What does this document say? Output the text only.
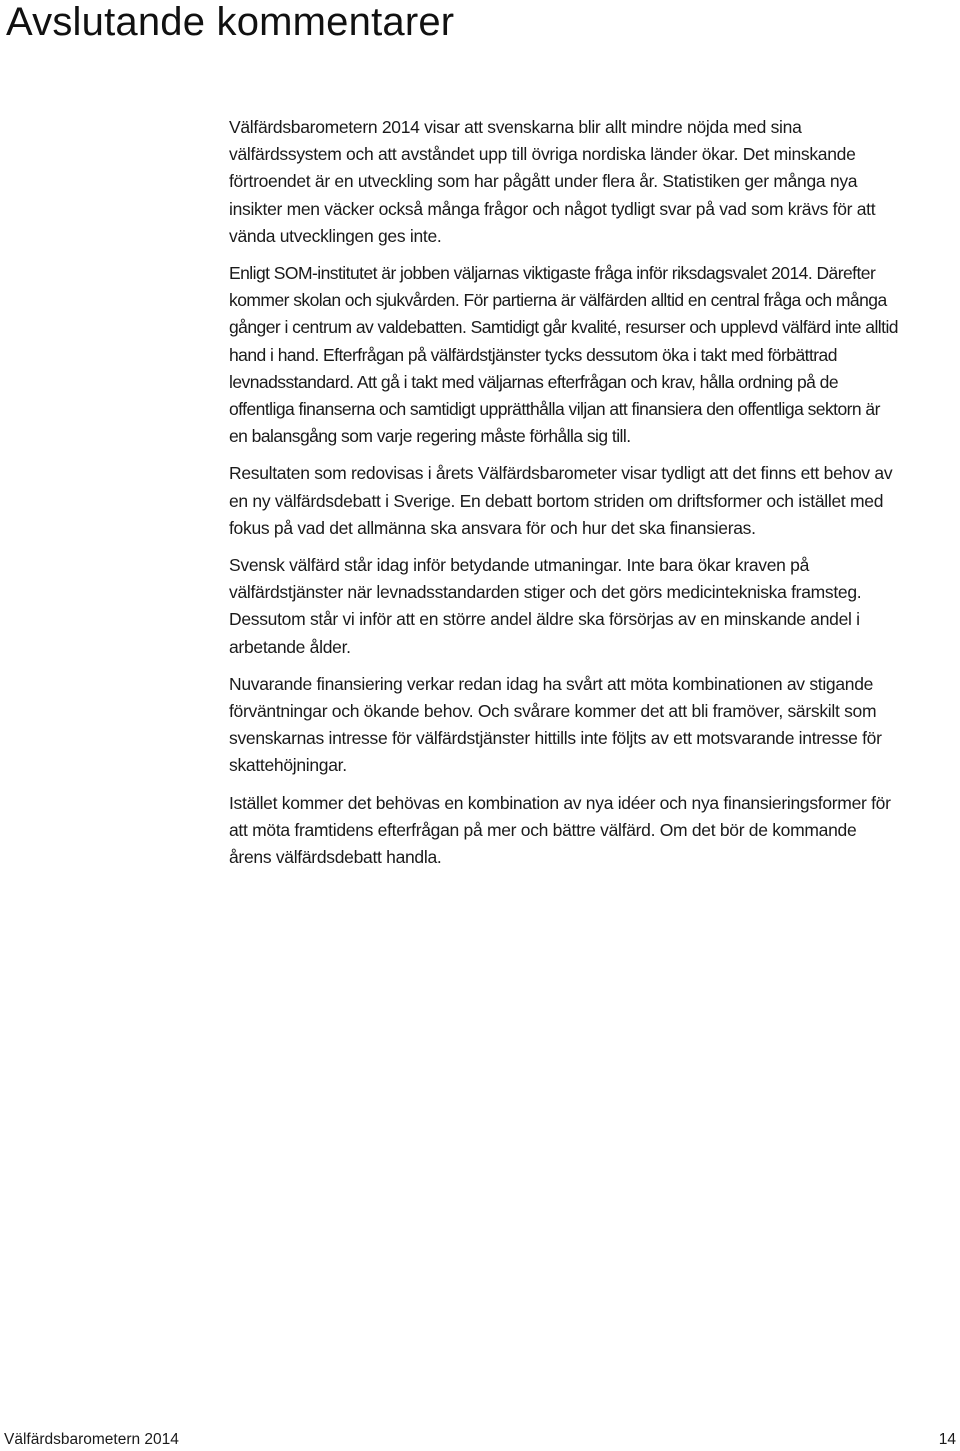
Avslutande kommentarer

Välfärdsbarometern 2014 visar att svenskarna blir allt mindre nöjda med sina välfärdssystem och att avståndet upp till övriga nordiska länder ökar. Det minskande förtroendet är en utveckling som har pågått under flera år. Statistiken ger många nya insikter men väcker också många frågor och något tydligt svar på vad som krävs för att vända utvecklingen ges inte.

Enligt SOM-institutet är jobben väljarnas viktigaste fråga inför riksdagsvalet 2014. Därefter kommer skolan och sjukvården. För partierna är välfärden alltid en central fråga och många gånger i centrum av valdebatten. Samtidigt går kvalité, resurser och upplevd välfärd inte alltid hand i hand. Efterfrågan på välfärdstjänster tycks dessutom öka i takt med förbättrad levnadsstandard. Att gå i takt med väljarnas efterfrågan och krav, hålla ordning på de offentliga finanserna och samtidigt upprätthålla viljan att finansiera den offentliga sektorn är en balansgång som varje regering måste förhålla sig till.

Resultaten som redovisas i årets Välfärdsbarometer visar tydligt att det finns ett behov av en ny välfärdsdebatt i Sverige. En debatt bortom striden om driftsformer och istället med fokus på vad det allmänna ska ansvara för och hur det ska finansieras.

Svensk välfärd står idag inför betydande utmaningar. Inte bara ökar kraven på välfärdstjänster när levnadsstandarden stiger och det görs medicintekniska framsteg. Dessutom står vi inför att en större andel äldre ska försörjas av en minskande andel i arbetande ålder.

Nuvarande finansiering verkar redan idag ha svårt att möta kombinationen av stigande förväntningar och ökande behov. Och svårare kommer det att bli framöver, särskilt som svenskarnas intresse för välfärdstjänster hittills inte följts av ett motsvarande intresse för skattehöjningar.

Istället kommer det behövas en kombination av nya idéer och nya finansieringsformer för att möta framtidens efterfrågan på mer och bättre välfärd. Om det bör de kommande årens välfärdsdebatt handla.

Välfärdsbarometern 2014	14
